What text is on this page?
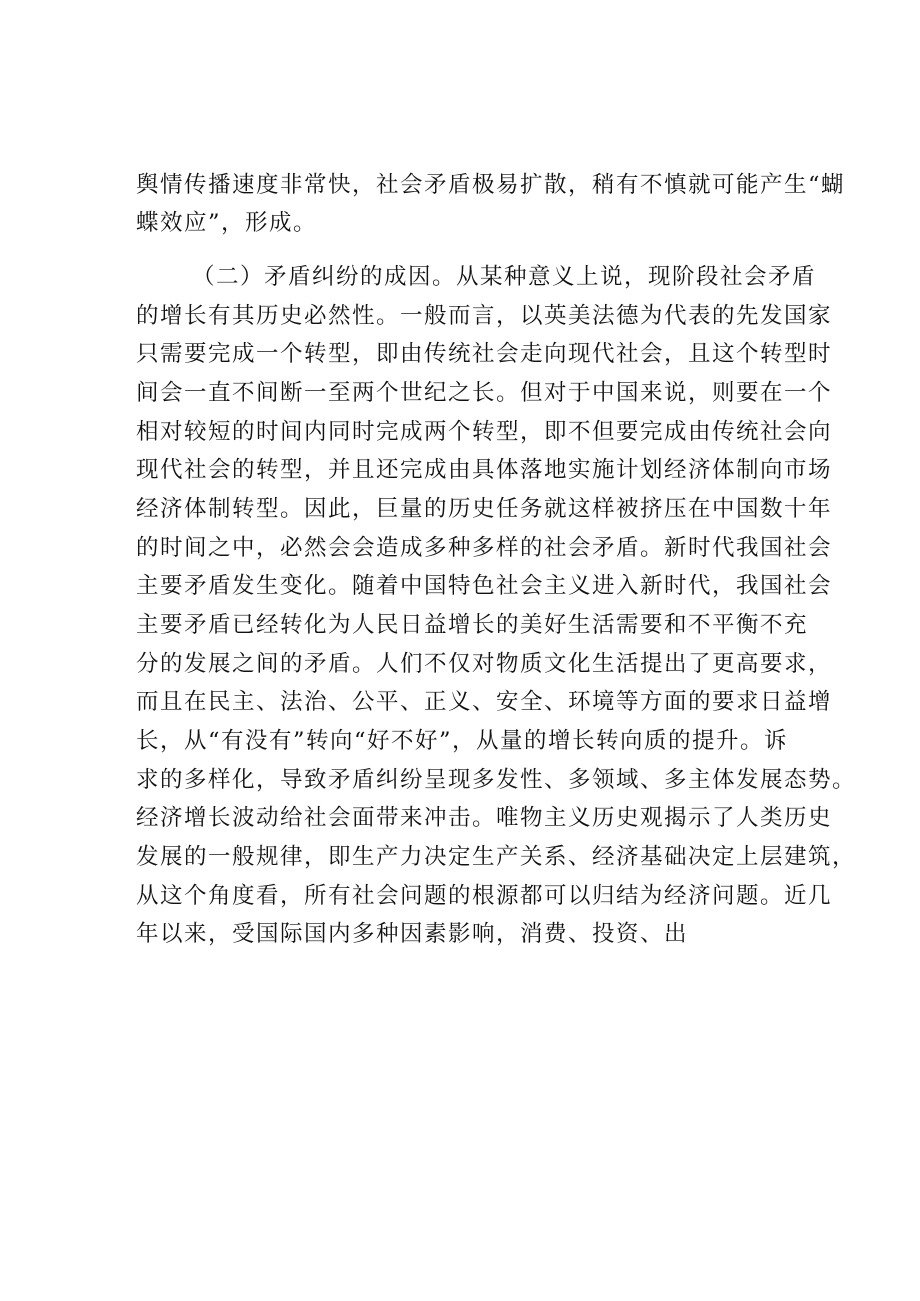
舆情传播速度非常快，社会矛盾极易扩散，稍有不慎就可能产生“蝴
蝶效应”，形成。
（二）矛盾纠纷的成因。从某种意义上说，现阶段社会矛盾
的增长有其历史必然性。一般而言，以英美法德为代表的先发国家
只需要完成一个转型，即由传统社会走向现代社会，且这个转型时
间会一直不间断一至两个世纪之长。但对于中国来说，则要在一个
相对较短的时间内同时完成两个转型，即不但要完成由传统社会向
现代社会的转型，并且还完成由具体落地实施计划经济体制向市场
经济体制转型。因此，巨量的历史任务就这样被挤压在中国数十年
的时间之中，必然会会造成多种多样的社会矛盾。新时代我国社会
主要矛盾发生变化。随着中国特色社会主义进入新时代，我国社会
主要矛盾已经转化为人民日益增长的美好生活需要和不平衡不充
分的发展之间的矛盾。人们不仅对物质文化生活提出了更高要求，
而且在民主、法治、公平、正义、安全、环境等方面的要求日益增
长，从“有没有”转向“好不好”，从量的增长转向质的提升。诉
求的多样化，导致矛盾纠纷呈现多发性、多领域、多主体发展态势。
经济增长波动给社会面带来冲击。唯物主义历史观揭示了人类历史
发展的一般规律，即生产力决定生产关系、经济基础决定上层建筑，
从这个角度看，所有社会问题的根源都可以归结为经济问题。近几
年以来，受国际国内多种因素影响，消费、投资、出
